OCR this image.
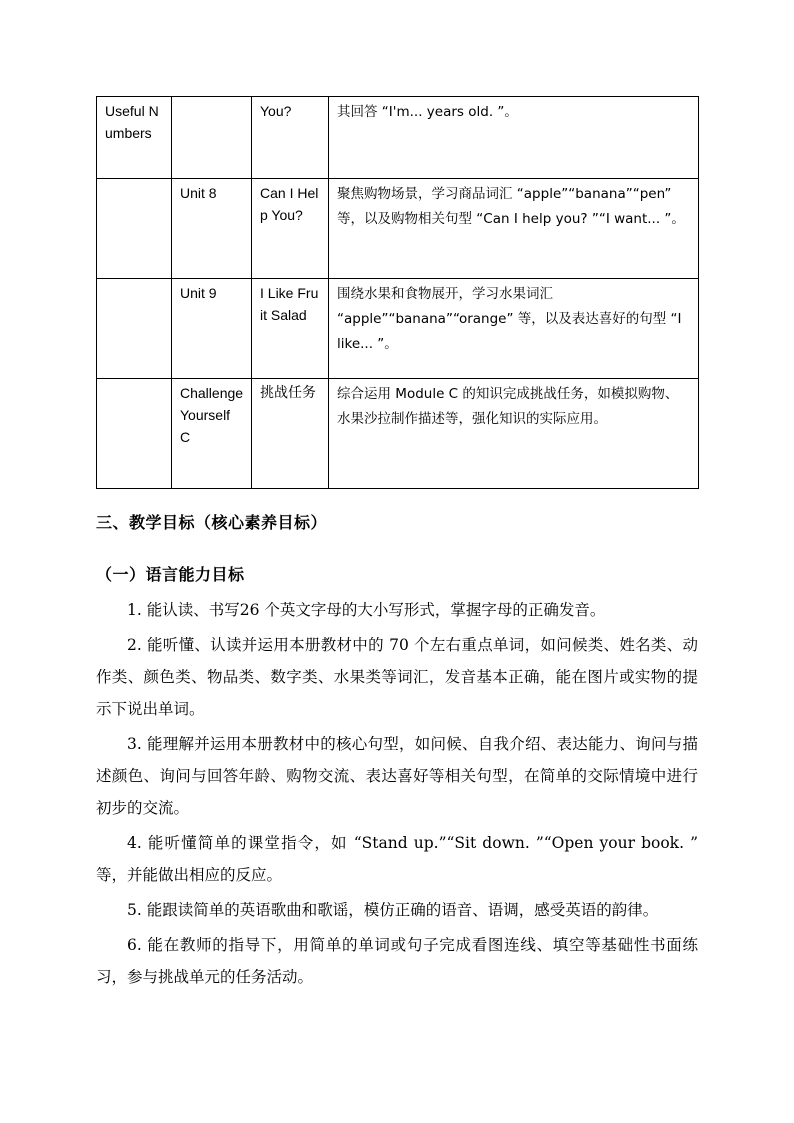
Useful Numbers		You?	其回答 “I'm... years old. ”。
	Unit 8	Can I Help You?	聚焦购物场景，学习商品词汇 “apple”“banana”“pen” 等，以及购物相关句型 “Can I help you? ”“I want... ”。
	Unit 9	I Like Fruit Salad	围绕水果和食物展开，学习水果词汇 “apple”“banana”“orange” 等，以及表达喜好的句型 “I like... ”。
	Challenge Yourself C	挑战任务	综合运用 Module C 的知识完成挑战任务，如模拟购物、水果沙拉制作描述等，强化知识的实际应用。
三、教学目标（核心素养目标）
（一）语言能力目标

1. 能认读、书写26 个英文字母的大小写形式，掌握字母的正确发音。

2. 能听懂、认读并运用本册教材中的 70 个左右重点单词，如问候类、姓名类、动作类、颜色类、物品类、数字类、水果类等词汇，发音基本正确，能在图片或实物的提示下说出单词。

3. 能理解并运用本册教材中的核心句型，如问候、自我介绍、表达能力、询问与描述颜色、询问与回答年龄、购物交流、表达喜好等相关句型，在简单的交际情境中进行初步的交流。

4. 能听懂简单的课堂指令，如 “Stand up.”“Sit down. ”“Open your book. ” 等，并能做出相应的反应。

5. 能跟读简单的英语歌曲和歌谣，模仿正确的语音、语调，感受英语的韵律。

6. 能在教师的指导下，用简单的单词或句子完成看图连线、填空等基础性书面练习，参与挑战单元的任务活动。
